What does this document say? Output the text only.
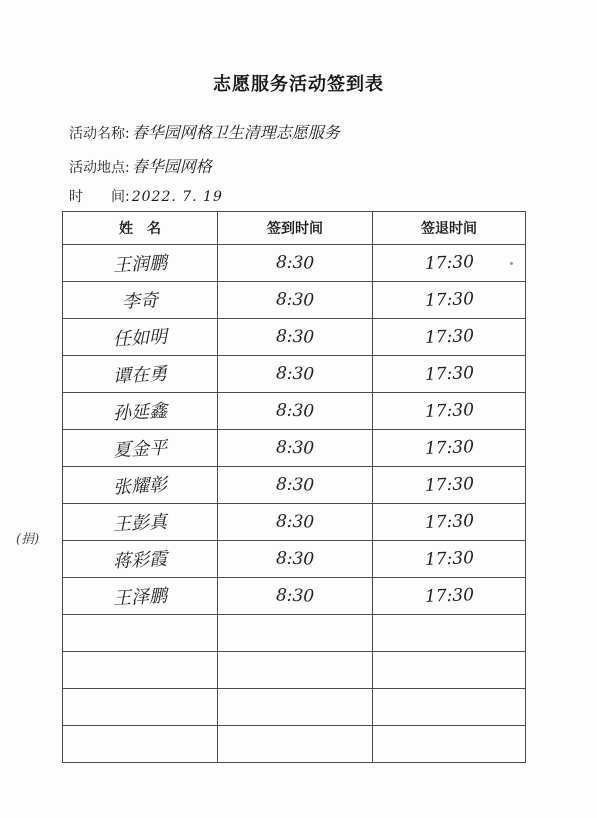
志愿服务活动签到表
活动名称: 春华园网格卫生清理志愿服务
活动地点: 春华园网格
时　　间: 2022. 7. 19
姓　名	签到时间	签退时间
王润鹏	8:30	17:30
李奇	8:30	17:30
任如明	8:30	17:30
谭在勇	8:30	17:30
孙延鑫	8:30	17:30
夏金平	8:30	17:30
张耀彰	8:30	17:30
王彭真	8:30	17:30
蒋彩霞	8:30	17:30
王泽鹏	8:30	17:30

(捐)
